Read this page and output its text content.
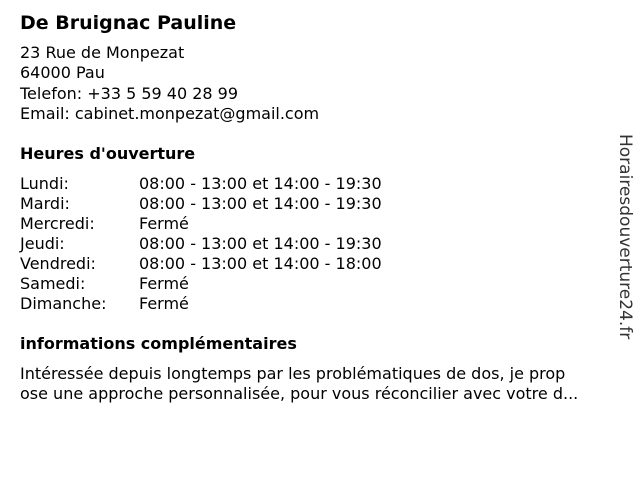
De Bruignac Pauline
23 Rue de Monpezat
64000 Pau
Telefon: +33 5 59 40 28 99
Email: cabinet.monpezat@gmail.com
Heures d'ouverture
Lundi:	08:00 - 13:00 et 14:00 - 19:30
Mardi:	08:00 - 13:00 et 14:00 - 19:30
Mercredi:	Fermé
Jeudi:	08:00 - 13:00 et 14:00 - 19:30
Vendredi:	08:00 - 13:00 et 14:00 - 18:00
Samedi:	Fermé
Dimanche: Fermé
informations complémentaires
Intéressée depuis longtemps par les problématiques de dos, je prop
ose une approche personnalisée, pour vous réconcilier avec votre d...
Horairesdouverture24.fr
